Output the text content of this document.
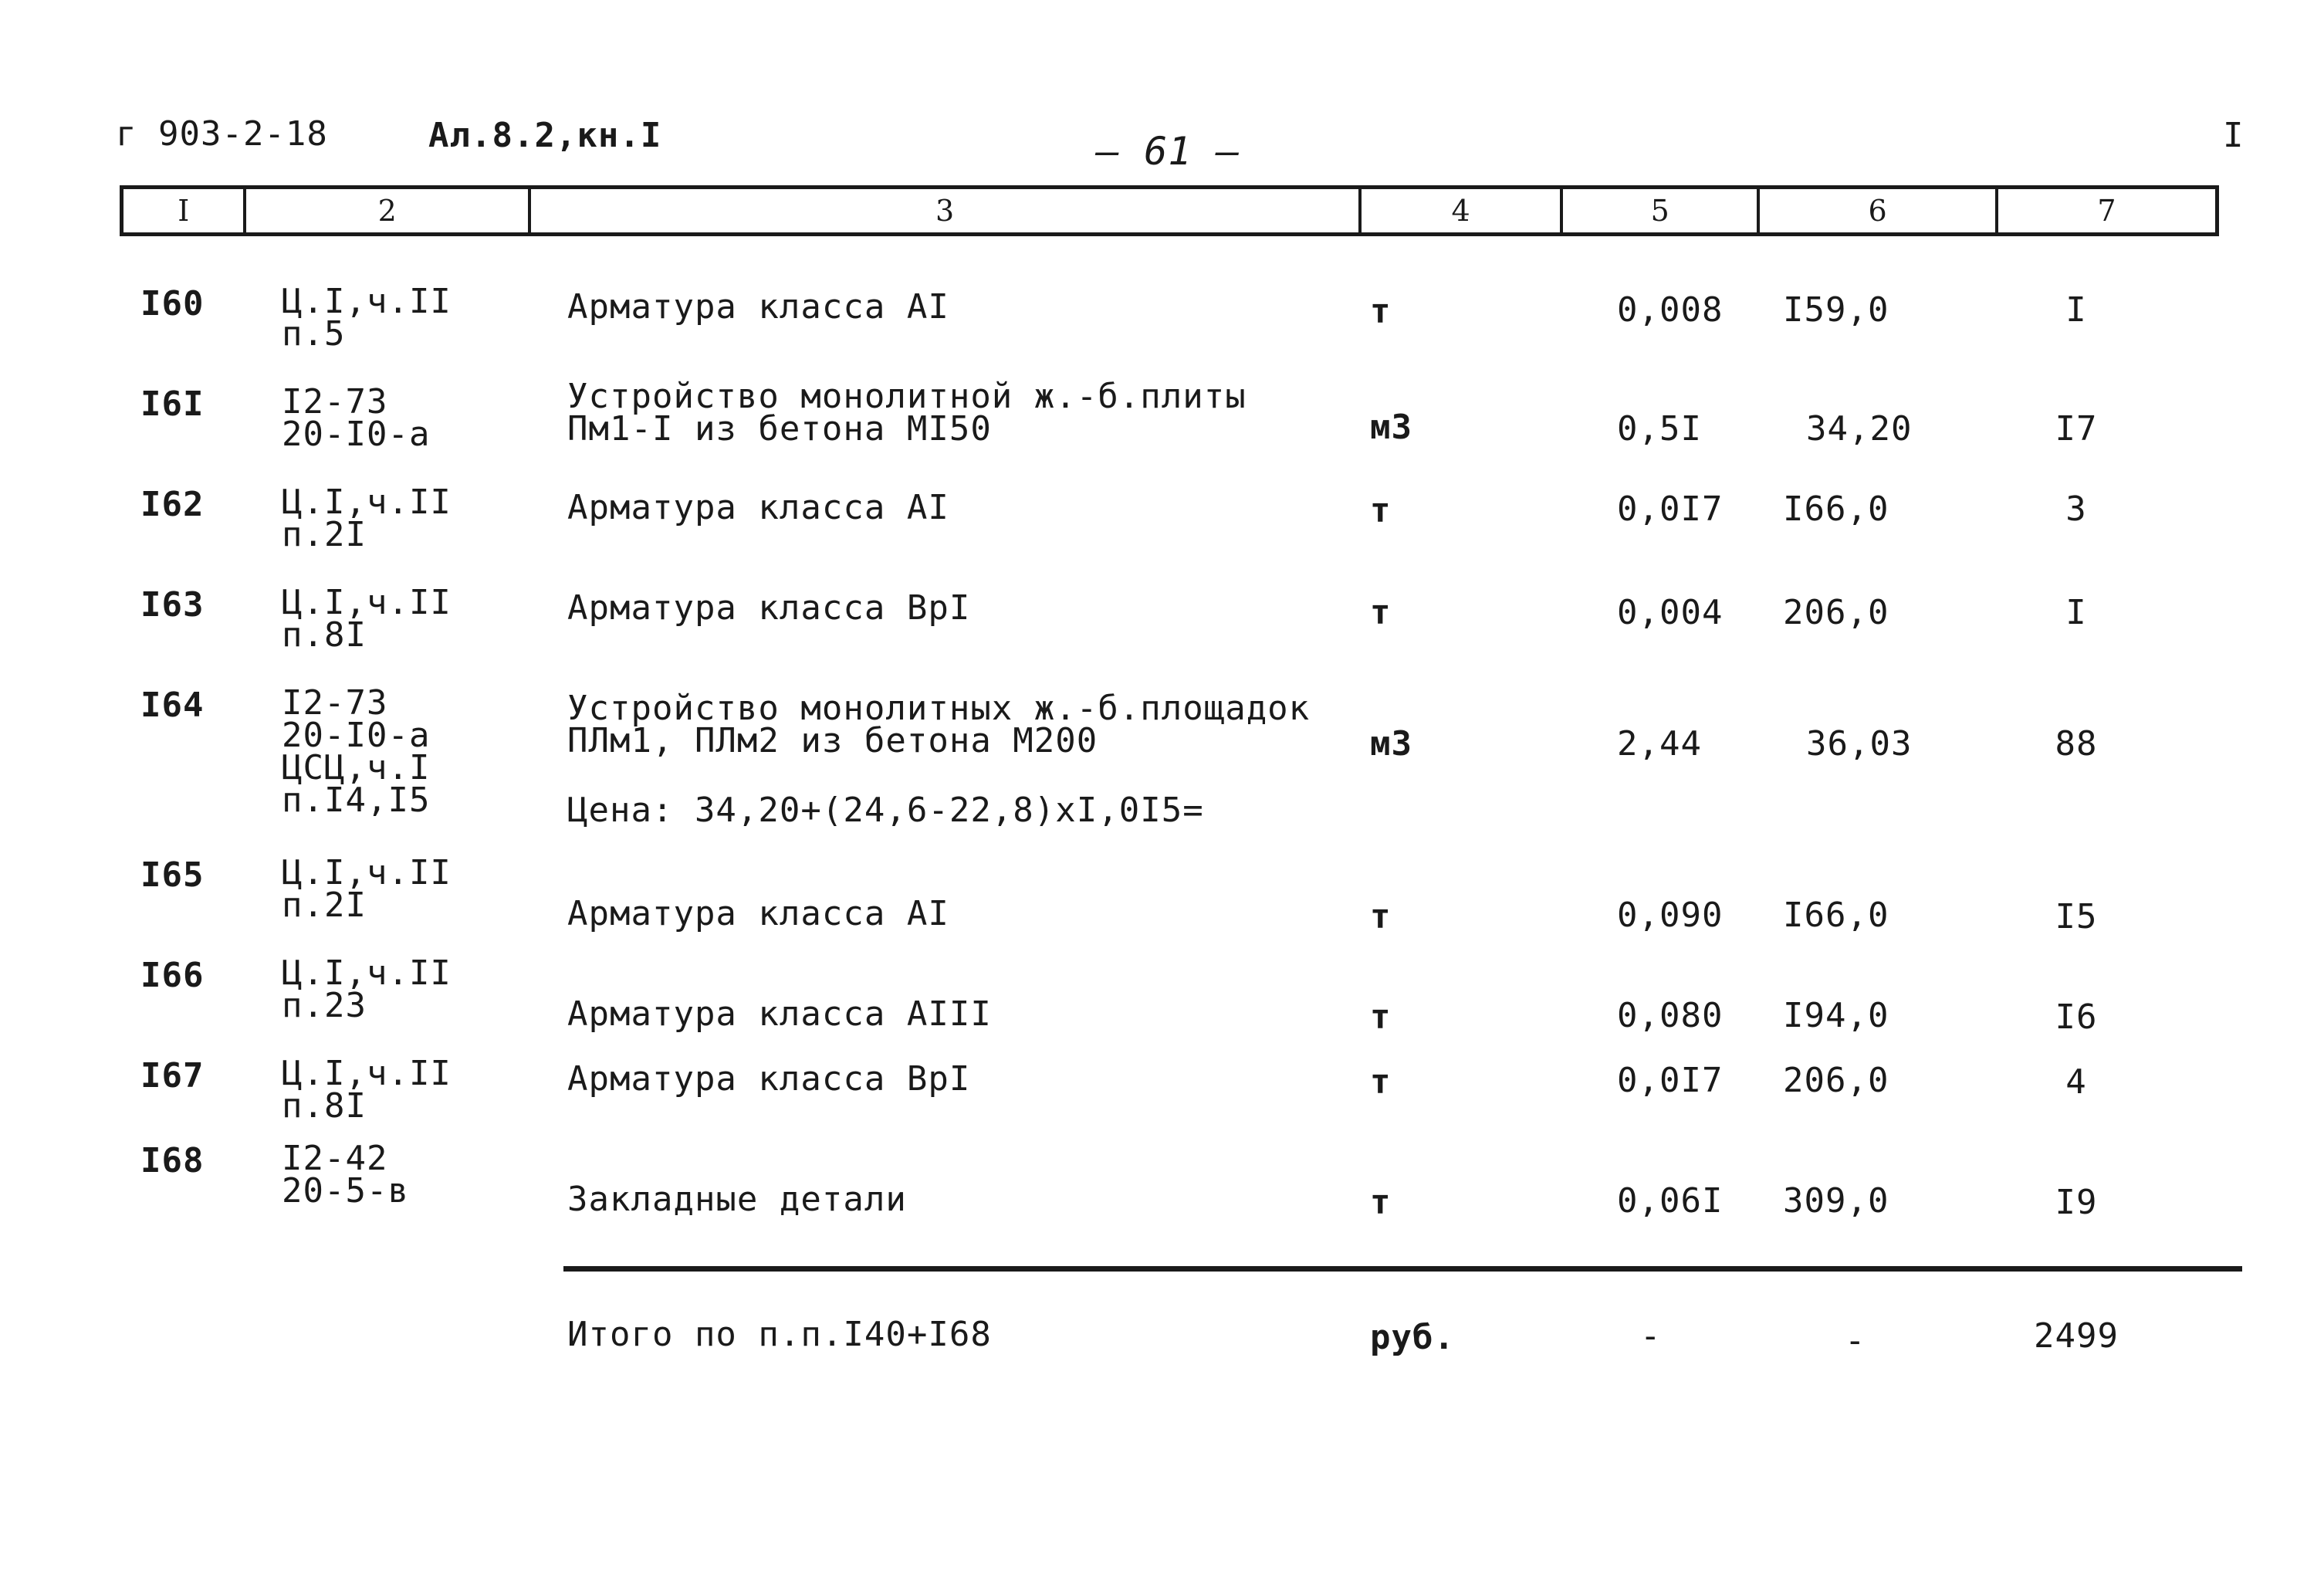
г 903-2-18	Ал.8.2,кн.I	— 61 —	I
I	2	3	4	5	6	7
I60 Ц.I,ч.II
п.5
Арматура класса АI	т	0,008 I59,0	I
I6I I2-73
20-I0-а
Устройство монолитной ж.-б.плиты
Пм1-I из бетона МI50	м3	0,5I	34,20	I7
I62 Ц.I,ч.II
п.2I
Арматура класса АI	т	0,0I7 I66,0	3
I63 Ц.I,ч.II
п.8I
Арматура класса ВрI	т	0,004 206,0	I
I64 I2-73
20-I0-а
ЦСЦ,ч.I
п.I4,I5
Устройство монолитных ж.-б.площадок
ПЛм1, ПЛм2 из бетона М200
Цена: 34,20+(24,6-22,8)хI,0I5=
м3	2,44	36,03	88
I65 Ц.I,ч.II
п.2I	Арматура класса АI	т	0,090 I66,0	I5
I66 Ц.I,ч.II
п.23	Арматура класса АIII	т	0,080 I94,0	I6
I67 Ц.I,ч.II
п.8I
Арматура класса ВрI	т	0,0I7 206,0	4
I68 I2-42
20-5-в	Закладные детали	т	0,06I 309,0	I9
Итого по п.п.I40+I68	руб.	-	-	2499
